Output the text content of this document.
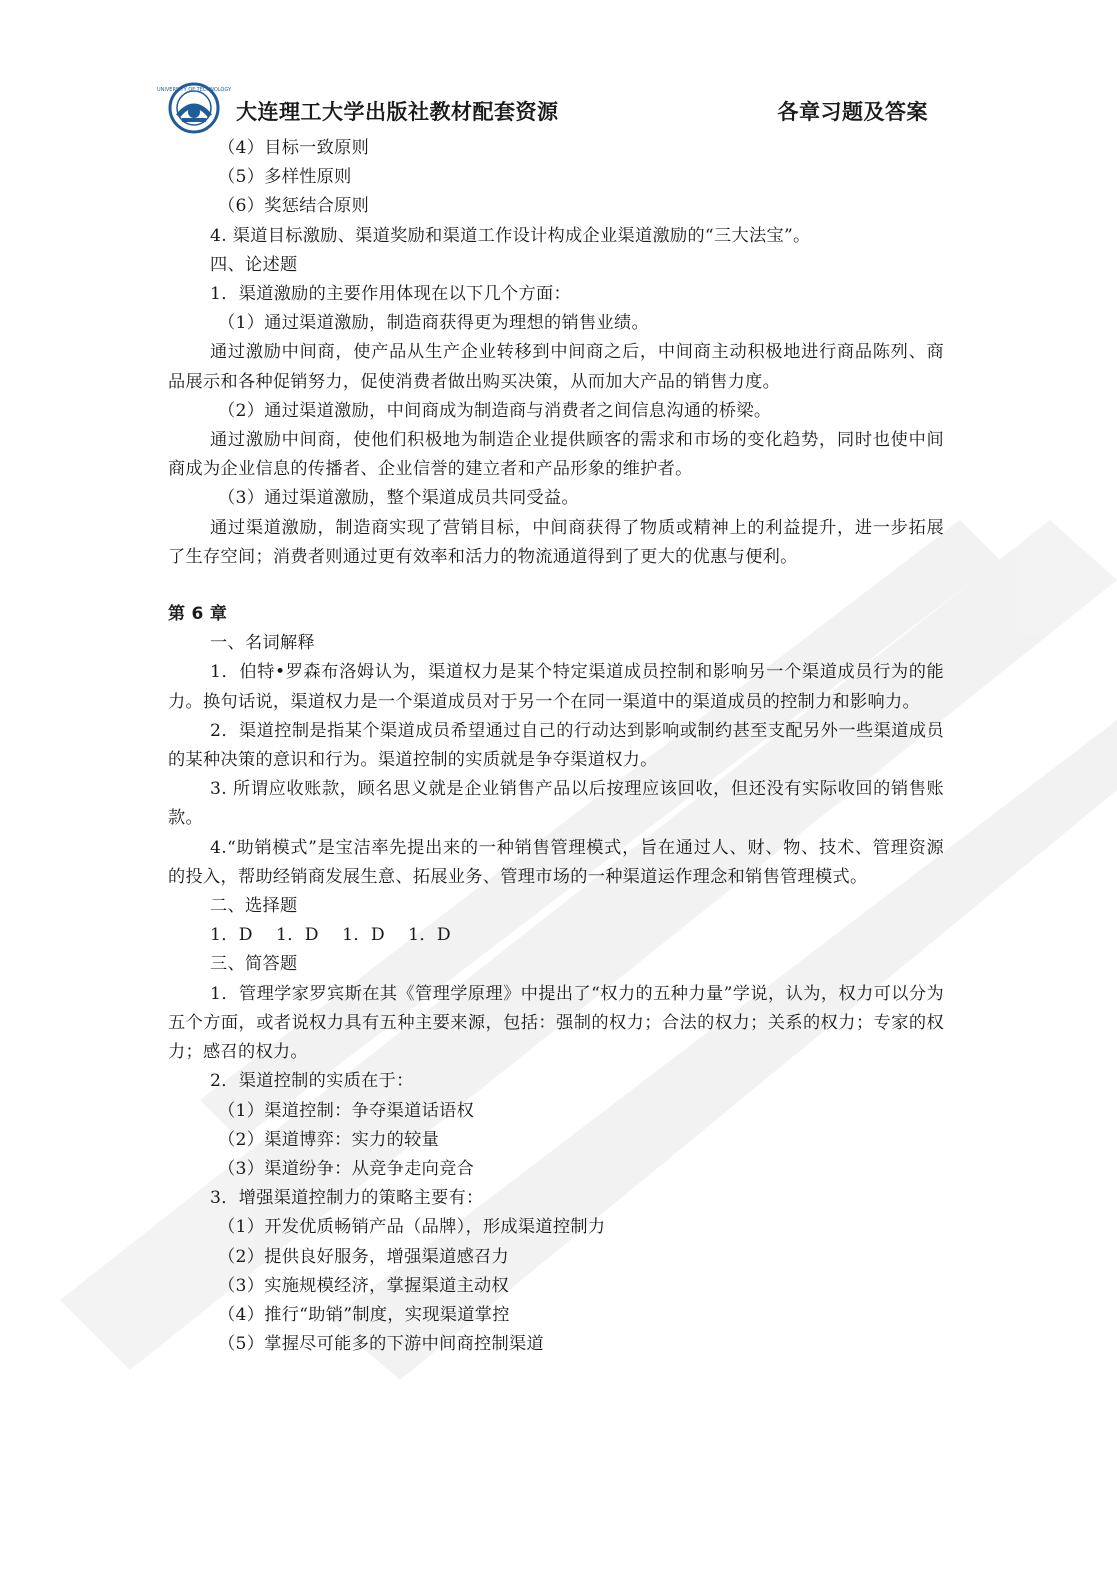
UNIVERSITY OF TECHNOLOGY
大连理工大学出版社教材配套资源	各章习题及答案

（4）目标一致原则

（5）多样性原则

（6）奖惩结合原则

4. 渠道目标激励、渠道奖励和渠道工作设计构成企业渠道激励的“三大法宝”。

四、论述题

1．渠道激励的主要作用体现在以下几个方面：

（1）通过渠道激励，制造商获得更为理想的销售业绩。

通过激励中间商，使产品从生产企业转移到中间商之后，中间商主动积极地进行商品陈列、商品展示和各种促销努力，促使消费者做出购买决策，从而加大产品的销售力度。

（2）通过渠道激励，中间商成为制造商与消费者之间信息沟通的桥梁。

通过激励中间商，使他们积极地为制造企业提供顾客的需求和市场的变化趋势，同时也使中间商成为企业信息的传播者、企业信誉的建立者和产品形象的维护者。

（3）通过渠道激励，整个渠道成员共同受益。

通过渠道激励，制造商实现了营销目标，中间商获得了物质或精神上的利益提升，进一步拓展了生存空间；消费者则通过更有效率和活力的物流通道得到了更大的优惠与便利。

第 6 章

一、名词解释

1．伯特•罗森布洛姆认为，渠道权力是某个特定渠道成员控制和影响另一个渠道成员行为的能力。换句话说，渠道权力是一个渠道成员对于另一个在同一渠道中的渠道成员的控制力和影响力。

2．渠道控制是指某个渠道成员希望通过自己的行动达到影响或制约甚至支配另外一些渠道成员的某种决策的意识和行为。渠道控制的实质就是争夺渠道权力。

3. 所谓应收账款，顾名思义就是企业销售产品以后按理应该回收，但还没有实际收回的销售账款。

4.“助销模式”是宝洁率先提出来的一种销售管理模式，旨在通过人、财、物、技术、管理资源的投入，帮助经销商发展生意、拓展业务、管理市场的一种渠道运作理念和销售管理模式。

二、选择题

1．D　 1．D　 1．D　 1．D

三、简答题

1．管理学家罗宾斯在其《管理学原理》中提出了“权力的五种力量”学说，认为，权力可以分为五个方面，或者说权力具有五种主要来源，包括：强制的权力；合法的权力；关系的权力；专家的权力；感召的权力。

2．渠道控制的实质在于：

（1）渠道控制：争夺渠道话语权

（2）渠道博弈：实力的较量

（3）渠道纷争：从竞争走向竞合

3．增强渠道控制力的策略主要有：

（1）开发优质畅销产品（品牌），形成渠道控制力

（2）提供良好服务，增强渠道感召力

（3）实施规模经济，掌握渠道主动权

（4）推行“助销”制度，实现渠道掌控

（5）掌握尽可能多的下游中间商控制渠道
